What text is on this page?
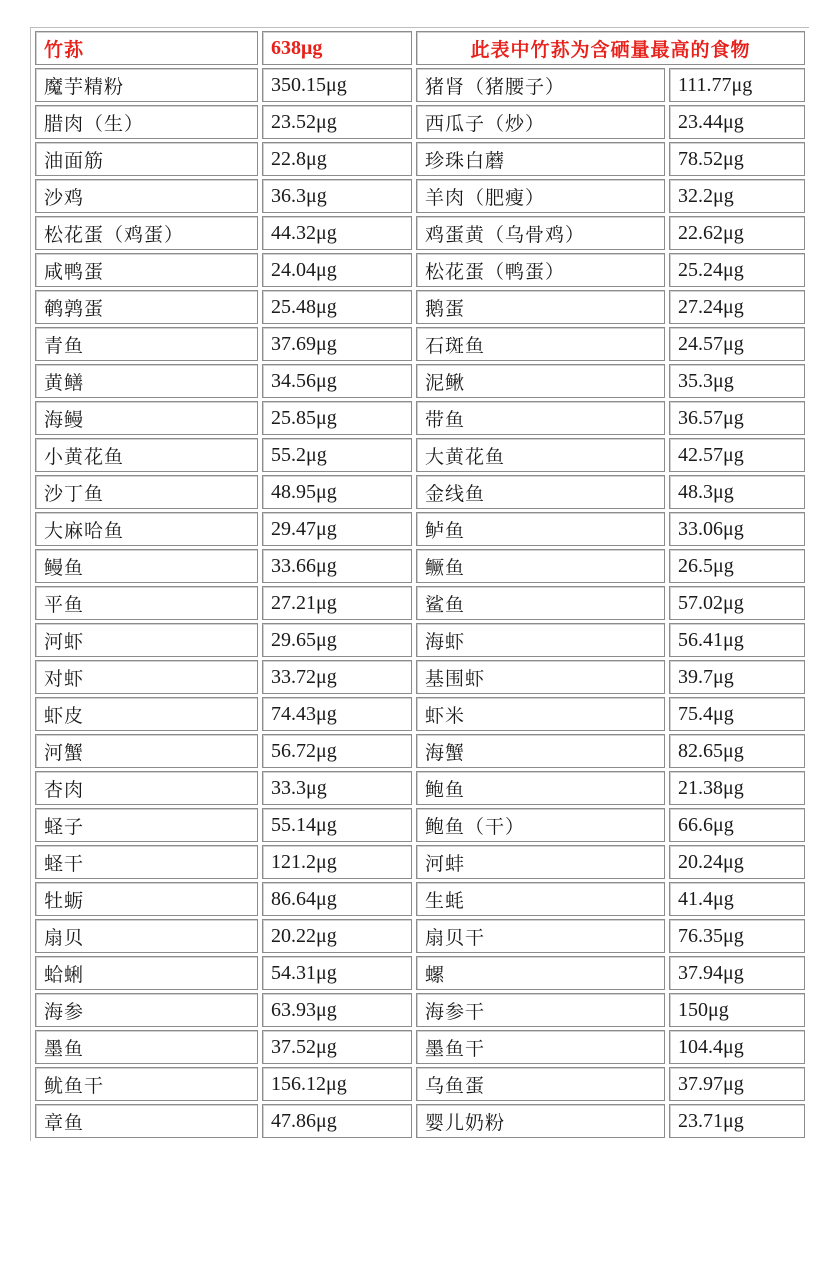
竹荪	638μg	此表中竹荪为含硒量最高的食物	
魔芋精粉	350.15μg	猪肾（猪腰子）	111.77μg
腊肉（生）	23.52μg	西瓜子（炒）	23.44μg
油面筋	22.8μg	珍珠白蘑	78.52μg
沙鸡	36.3μg	羊肉（肥瘦）	32.2μg
松花蛋（鸡蛋）	44.32μg	鸡蛋黄（乌骨鸡）	22.62μg
咸鸭蛋	24.04μg	松花蛋（鸭蛋）	25.24μg
鹌鹑蛋	25.48μg	鹅蛋	27.24μg
青鱼	37.69μg	石斑鱼	24.57μg
黄鳝	34.56μg	泥鳅	35.3μg
海鳗	25.85μg	带鱼	36.57μg
小黄花鱼	55.2μg	大黄花鱼	42.57μg
沙丁鱼	48.95μg	金线鱼	48.3μg
大麻哈鱼	29.47μg	鲈鱼	33.06μg
鳗鱼	33.66μg	鳜鱼	26.5μg
平鱼	27.21μg	鲨鱼	57.02μg
河虾	29.65μg	海虾	56.41μg
对虾	33.72μg	基围虾	39.7μg
虾皮	74.43μg	虾米	75.4μg
河蟹	56.72μg	海蟹	82.65μg
杏肉	33.3μg	鲍鱼	21.38μg
蛏子	55.14μg	鲍鱼（干）	66.6μg
蛏干	121.2μg	河蚌	20.24μg
牡蛎	86.64μg	生蚝	41.4μg
扇贝	20.22μg	扇贝干	76.35μg
蛤蜊	54.31μg	螺	37.94μg
海参	63.93μg	海参干	150μg
墨鱼	37.52μg	墨鱼干	104.4μg
鱿鱼干	156.12μg	乌鱼蛋	37.97μg
章鱼	47.86μg	婴儿奶粉	23.71μg
